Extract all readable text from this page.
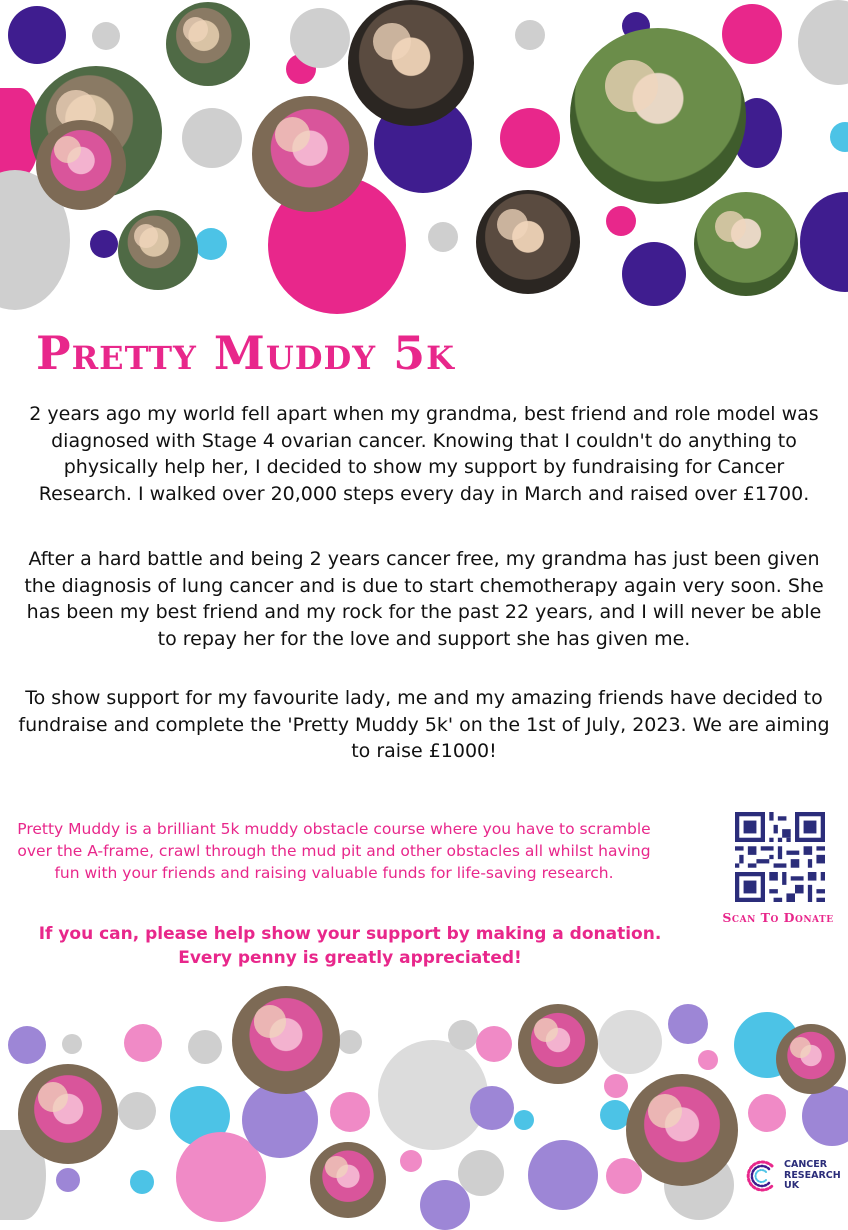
Pretty Muddy 5k

2 years ago my world fell apart when my grandma, best friend and role model was diagnosed with Stage 4 ovarian cancer. Knowing that I couldn't do anything to physically help her, I decided to show my support by fundraising for Cancer Research. I walked over 20,000 steps every day in March and raised over £1700.

After a hard battle and being 2 years cancer free, my grandma has just been given the diagnosis of lung cancer and is due to start chemotherapy again very soon. She has been my best friend and my rock for the past 22 years, and I will never be able to repay her for the love and support she has given me.

To show support for my favourite lady, me and my amazing friends have decided to fundraise and complete the 'Pretty Muddy 5k' on the 1st of July, 2023. We are aiming to raise £1000!

Pretty Muddy is a brilliant 5k muddy obstacle course where you have to scramble over the A-frame, crawl through the mud pit and other obstacles all whilst having fun with your friends and raising valuable funds for life-saving research.

If you can, please help show your support by making a donation. Every penny is greatly appreciated!

Scan To Donate

CANCER
RESEARCH
UK
